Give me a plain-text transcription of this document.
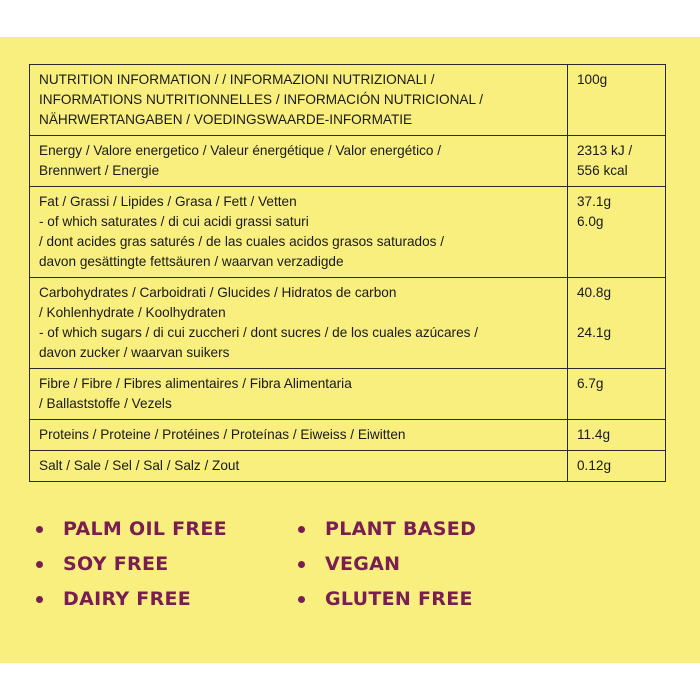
NUTRITION INFORMATION / / INFORMAZIONI NUTRIZIONALI /
INFORMATIONS NUTRITIONNELLES / INFORMACIÓN NUTRICIONAL /
NÄHRWERTANGABEN / VOEDINGSWAARDE-INFORMATIE	100g

Energy / Valore energetico / Valeur énergétique / Valor energético /
Brennwert / Energie	2313 kJ /
556 kcal

Fat / Grassi / Lipides / Grasa / Fett / Vetten
- of which saturates / di cui acidi grassi saturi
/ dont acides gras saturés / de las cuales acidos grasos saturados /
davon gesättingte fettsäuren / waarvan verzadigde	37.1g
6.0g

Carbohydrates / Carboidrati / Glucides / Hidratos de carbon
/ Kohlenhydrate / Koolhydraten
- of which sugars / di cui zuccheri / dont sucres / de los cuales azúcares /
davon zucker / waarvan suikers	40.8g

24.1g

Fibre / Fibre / Fibres alimentaires / Fibra Alimentaria
/ Ballaststoffe / Vezels	6.7g

Proteins / Proteine / Protéines / Proteínas / Eiweiss / Eiwitten	11.4g

Salt / Sale / Sel / Sal / Salz / Zout	0.12g
PALM OIL FREE
SOY FREE
DAIRY FREE
PLANT BASED
VEGAN
GLUTEN FREE
